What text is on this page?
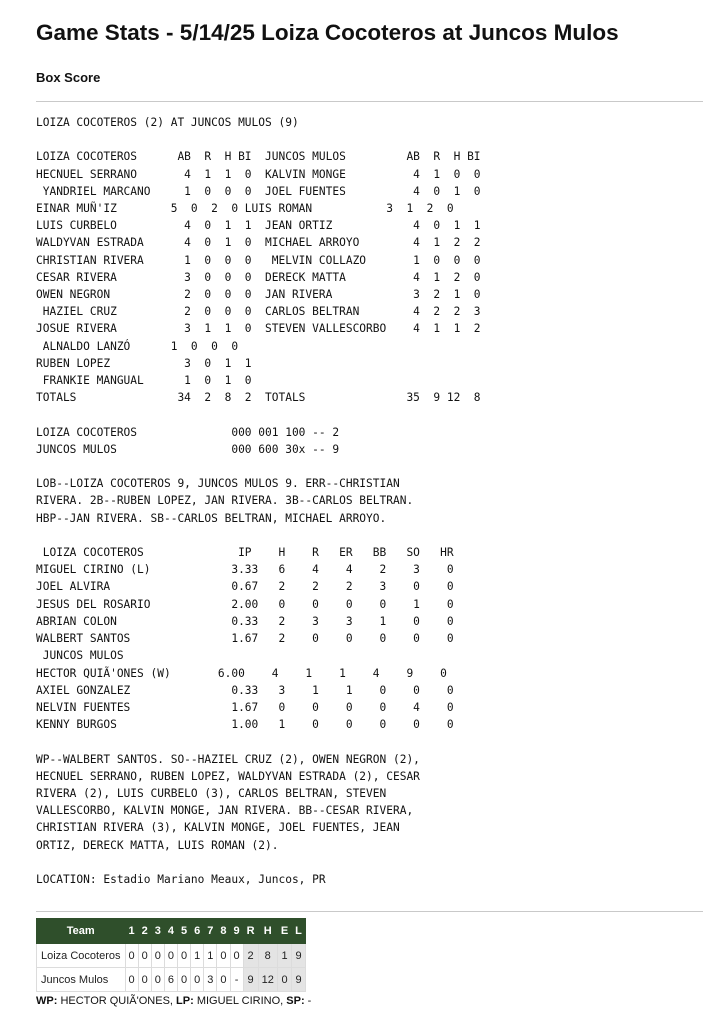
Game Stats - 5/14/25 Loiza Cocoteros at Juncos Mulos
Box Score
LOIZA COCOTEROS (2) AT JUNCOS MULOS (9)

LOIZA COCOTEROS      AB  R  H BI  JUNCOS MULOS         AB  R  H BI
HECNUEL SERRANO       4  1  1  0  KALVIN MONGE          4  1  0  0
YANDRIEL MARCANO     1  0  0  0  JOEL FUENTES          4  0  1  0
EINAR MUÑ'IZ        5  0  2  0 LUIS ROMAN           3  1  2  0
LUIS CURBELO          4  0  1  1  JEAN ORTIZ            4  0  1  1
WALDYVAN ESTRADA      4  0  1  0  MICHAEL ARROYO        4  1  2  2
CHRISTIAN RIVERA      1  0  0  0   MELVIN COLLAZO       1  0  0  0
CESAR RIVERA          3  0  0  0  DERECK MATTA          4  1  2  0
OWEN NEGRON           2  0  0  0  JAN RIVERA            3  2  1  0
HAZIEL CRUZ          2  0  0  0  CARLOS BELTRAN        4  2  2  3
JOSUE RIVERA          3  1  1  0  STEVEN VALLESCORBO    4  1  1  2
ALNALDO LANZÓ      1  0  0  0
RUBEN LOPEZ           3  0  1  1
FRANKIE MANGUAL      1  0  1  0
TOTALS               34  2  8  2  TOTALS               35  9 12  8

LOIZA COCOTEROS              000 001 100 -- 2
JUNCOS MULOS                 000 600 30x -- 9

LOB--LOIZA COCOTEROS 9, JUNCOS MULOS 9. ERR--CHRISTIAN
RIVERA. 2B--RUBEN LOPEZ, JAN RIVERA. 3B--CARLOS BELTRAN.
HBP--JAN RIVERA. SB--CARLOS BELTRAN, MICHAEL ARROYO.

LOIZA COCOTEROS              IP    H    R   ER   BB   SO   HR
MIGUEL CIRINO (L)            3.33   6    4    4    2    3    0
JOEL ALVIRA                  0.67   2    2    2    3    0    0
JESUS DEL ROSARIO            2.00   0    0    0    0    1    0
ABRIAN COLON                 0.33   2    3    3    1    0    0
WALBERT SANTOS               1.67   2    0    0    0    0    0
JUNCOS MULOS
HECTOR QUIÃ'ONES (W)       6.00    4    1    1    4    9    0
AXIEL GONZALEZ               0.33   3    1    1    0    0    0
NELVIN FUENTES               1.67   0    0    0    0    4    0
KENNY BURGOS                 1.00   1    0    0    0    0    0

WP--WALBERT SANTOS. SO--HAZIEL CRUZ (2), OWEN NEGRON (2),
HECNUEL SERRANO, RUBEN LOPEZ, WALDYVAN ESTRADA (2), CESAR
RIVERA (2), LUIS CURBELO (3), CARLOS BELTRAN, STEVEN
VALLESCORBO, KALVIN MONGE, JAN RIVERA. BB--CESAR RIVERA,
CHRISTIAN RIVERA (3), KALVIN MONGE, JOEL FUENTES, JEAN
ORTIZ, DERECK MATTA, LUIS ROMAN (2).

LOCATION: Estadio Mariano Meaux, Juncos, PR

Team	1	2	3	4	5	6	7	8	9	R	H	E	L
Loiza Cocoteros	0	0	0	0	0	1	1	0	0	2	8	1	9
Juncos Mulos	0	0	0	6	0	0	3	0	-	9	12	0	9
WP: HECTOR QUIÃ'ONES, LP: MIGUEL CIRINO, SP: -
